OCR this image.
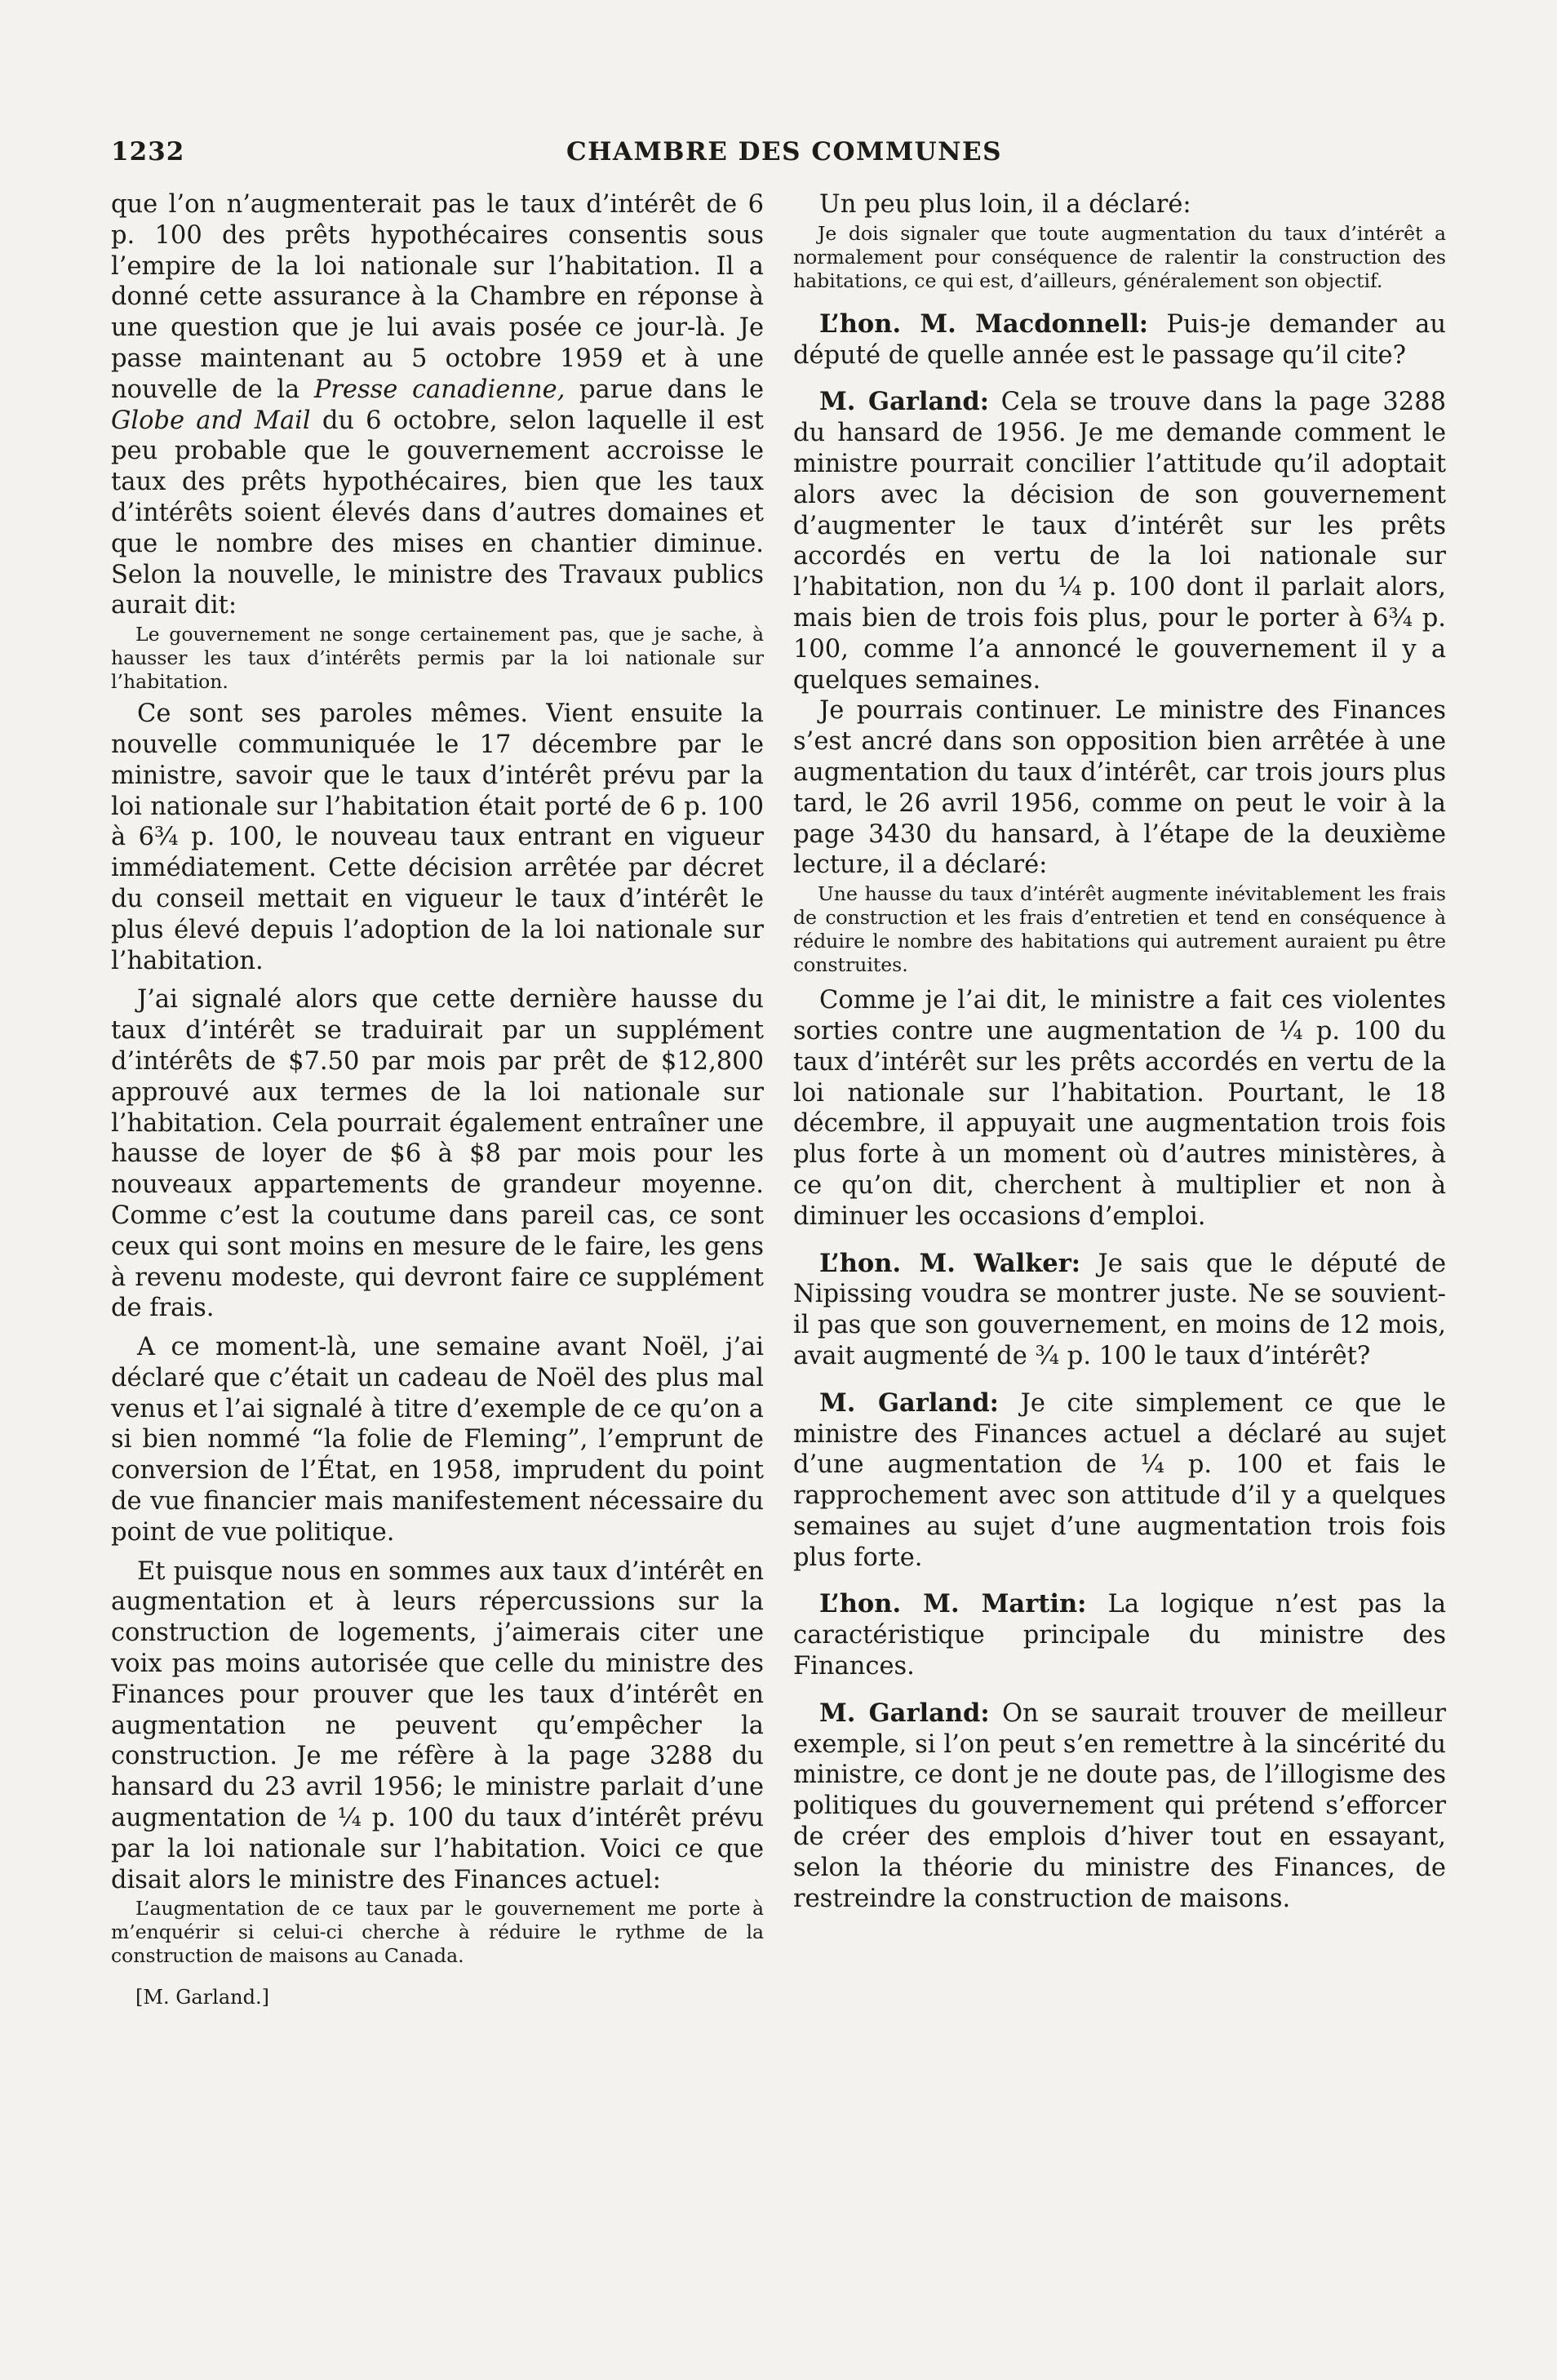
1232	CHAMBRE DES COMMUNES

que l’on n’augmenterait pas le taux d’intérêt de 6 p. 100 des prêts hypothécaires consentis sous l’empire de la loi nationale sur l’habitation. Il a donné cette assurance à la Chambre en réponse à une question que je lui avais posée ce jour-là. Je passe maintenant au 5 octobre 1959 et à une nouvelle de la Presse canadienne, parue dans le Globe and Mail du 6 octobre, selon laquelle il est peu probable que le gouvernement accroisse le taux des prêts hypothécaires, bien que les taux d’intérêts soient élevés dans d’autres domaines et que le nombre des mises en chantier diminue. Selon la nouvelle, le ministre des Travaux publics aurait dit:

Le gouvernement ne songe certainement pas, que je sache, à hausser les taux d’intérêts permis par la loi nationale sur l’habitation.

Ce sont ses paroles mêmes. Vient ensuite la nouvelle communiquée le 17 décembre par le ministre, savoir que le taux d’intérêt prévu par la loi nationale sur l’habitation était porté de 6 p. 100 à 6¾ p. 100, le nouveau taux entrant en vigueur immédiatement. Cette décision arrêtée par décret du conseil mettait en vigueur le taux d’intérêt le plus élevé depuis l’adoption de la loi nationale sur l’habitation.

J’ai signalé alors que cette dernière hausse du taux d’intérêt se traduirait par un supplément d’intérêts de $7.50 par mois par prêt de $12,800 approuvé aux termes de la loi nationale sur l’habitation. Cela pourrait également entraîner une hausse de loyer de $6 à $8 par mois pour les nouveaux appartements de grandeur moyenne. Comme c’est la coutume dans pareil cas, ce sont ceux qui sont moins en mesure de le faire, les gens à revenu modeste, qui devront faire ce supplément de frais.

A ce moment-là, une semaine avant Noël, j’ai déclaré que c’était un cadeau de Noël des plus mal venus et l’ai signalé à titre d’exemple de ce qu’on a si bien nommé “la folie de Fleming”, l’emprunt de conversion de l’État, en 1958, imprudent du point de vue financier mais manifestement nécessaire du point de vue politique.

Et puisque nous en sommes aux taux d’intérêt en augmentation et à leurs répercussions sur la construction de logements, j’aimerais citer une voix pas moins autorisée que celle du ministre des Finances pour prouver que les taux d’intérêt en augmentation ne peuvent qu’empêcher la construction. Je me réfère à la page 3288 du hansard du 23 avril 1956; le ministre parlait d’une augmentation de ¼ p. 100 du taux d’intérêt prévu par la loi nationale sur l’habitation. Voici ce que disait alors le ministre des Finances actuel:

L’augmentation de ce taux par le gouvernement me porte à m’enquérir si celui-ci cherche à réduire le rythme de la construction de maisons au Canada.
[M. Garland.]

Un peu plus loin, il a déclaré:

Je dois signaler que toute augmentation du taux d’intérêt a normalement pour conséquence de ralentir la construction des habitations, ce qui est, d’ailleurs, généralement son objectif.

L’hon. M. Macdonnell: Puis-je demander au député de quelle année est le passage qu’il cite?

M. Garland: Cela se trouve dans la page 3288 du hansard de 1956. Je me demande comment le ministre pourrait concilier l’attitude qu’il adoptait alors avec la décision de son gouvernement d’augmenter le taux d’intérêt sur les prêts accordés en vertu de la loi nationale sur l’habitation, non du ¼ p. 100 dont il parlait alors, mais bien de trois fois plus, pour le porter à 6¾ p. 100, comme l’a annoncé le gouvernement il y a quelques semaines.

Je pourrais continuer. Le ministre des Finances s’est ancré dans son opposition bien arrêtée à une augmentation du taux d’intérêt, car trois jours plus tard, le 26 avril 1956, comme on peut le voir à la page 3430 du hansard, à l’étape de la deuxième lecture, il a déclaré:

Une hausse du taux d’intérêt augmente inévitablement les frais de construction et les frais d’entretien et tend en conséquence à réduire le nombre des habitations qui autrement auraient pu être construites.

Comme je l’ai dit, le ministre a fait ces violentes sorties contre une augmentation de ¼ p. 100 du taux d’intérêt sur les prêts accordés en vertu de la loi nationale sur l’habitation. Pourtant, le 18 décembre, il appuyait une augmentation trois fois plus forte à un moment où d’autres ministères, à ce qu’on dit, cherchent à multiplier et non à diminuer les occasions d’emploi.

L’hon. M. Walker: Je sais que le député de Nipissing voudra se montrer juste. Ne se souvient-il pas que son gouvernement, en moins de 12 mois, avait augmenté de ¾ p. 100 le taux d’intérêt?

M. Garland: Je cite simplement ce que le ministre des Finances actuel a déclaré au sujet d’une augmentation de ¼ p. 100 et fais le rapprochement avec son attitude d’il y a quelques semaines au sujet d’une augmentation trois fois plus forte.

L’hon. M. Martin: La logique n’est pas la caractéristique principale du ministre des Finances.

M. Garland: On se saurait trouver de meilleur exemple, si l’on peut s’en remettre à la sincérité du ministre, ce dont je ne doute pas, de l’illogisme des politiques du gouvernement qui prétend s’efforcer de créer des emplois d’hiver tout en essayant, selon la théorie du ministre des Finances, de restreindre la construction de maisons.
